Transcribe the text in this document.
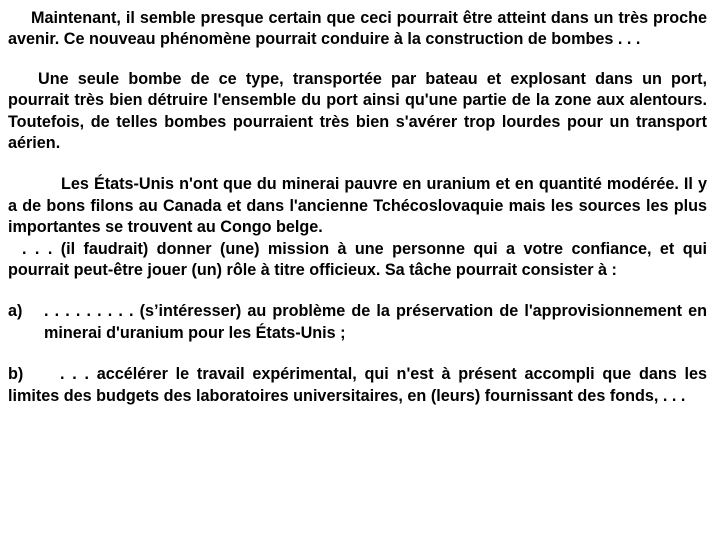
Maintenant, il semble presque certain que ceci pourrait être atteint dans un très proche avenir. Ce nouveau phénomène pourrait conduire à la construction de bombes . . .

Une seule bombe de ce type, transportée par bateau et explosant dans un port, pourrait très bien détruire l'ensemble du port ainsi qu'une partie de la zone aux alentours. Toutefois, de telles bombes pourraient très bien s'avérer trop lourdes pour un transport aérien.

Les États-Unis n'ont que du minerai pauvre en uranium et en quantité modérée. Il y a de bons filons au Canada et dans l'ancienne Tchécoslovaquie mais les sources les plus importantes se trouvent au Congo belge.

. . . (il faudrait) donner (une) mission à une personne qui a votre confiance, et qui pourrait peut-être jouer (un) rôle à titre officieux. Sa tâche pourrait consister à :

a)	. . . . . . . . . (s’intéresser) au problème de la préservation de l'approvisionnement en minerai d'uranium pour les États-Unis ;

b) . . . accélérer le travail expérimental, qui n'est à présent accompli que dans les limites des budgets des laboratoires universitaires, en (leurs) fournissant des fonds, . . .
